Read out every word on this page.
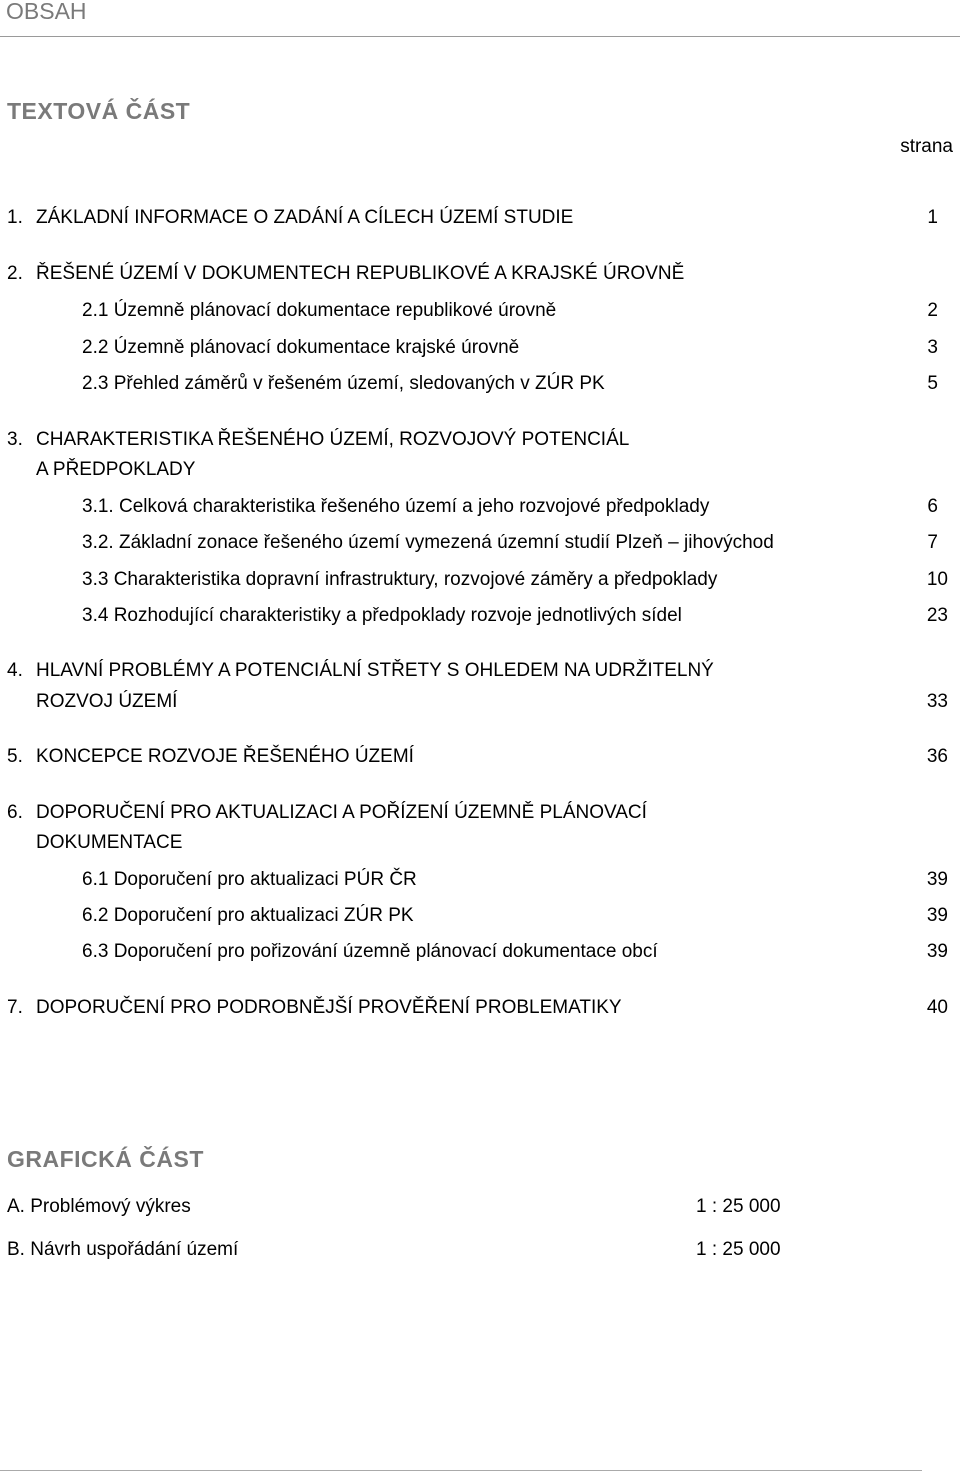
OBSAH
TEXTOVÁ ČÁST
strana
1. ZÁKLADNÍ INFORMACE O ZADÁNÍ A CÍLECH ÚZEMÍ STUDIE	1
2. ŘEŠENÉ ÚZEMÍ V DOKUMENTECH REPUBLIKOVÉ A KRAJSKÉ ÚROVNĚ
2.1 Územně plánovací dokumentace republikové úrovně	2
2.2 Územně plánovací dokumentace krajské úrovně	3
2.3 Přehled záměrů v řešeném území, sledovaných v ZÚR PK	5
3. CHARAKTERISTIKA ŘEŠENÉHO ÚZEMÍ, ROZVOJOVÝ POTENCIÁL
A PŘEDPOKLADY
3.1. Celková charakteristika řešeného území a jeho rozvojové předpoklady	6
3.2. Základní zonace řešeného území vymezená územní studií Plzeň – jihovýchod	7
3.3 Charakteristika dopravní infrastruktury, rozvojové záměry a předpoklady	10
3.4 Rozhodující charakteristiky a předpoklady rozvoje jednotlivých sídel	23
4. HLAVNÍ PROBLÉMY A POTENCIÁLNÍ STŘETY S OHLEDEM NA UDRŽITELNÝ
ROZVOJ ÚZEMÍ	33
5. KONCEPCE ROZVOJE ŘEŠENÉHO ÚZEMÍ	36
6. DOPORUČENÍ PRO AKTUALIZACI A POŘÍZENÍ ÚZEMNĚ PLÁNOVACÍ
DOKUMENTACE
6.1 Doporučení pro aktualizaci PÚR ČR	39
6.2 Doporučení pro aktualizaci ZÚR PK	39
6.3 Doporučení pro pořizování územně plánovací dokumentace obcí	39
7. DOPORUČENÍ PRO PODROBNĚJŠÍ PROVĚŘENÍ PROBLEMATIKY	40
GRAFICKÁ ČÁST
A. Problémový výkres	1 : 25 000
B. Návrh uspořádání území	1 : 25 000
